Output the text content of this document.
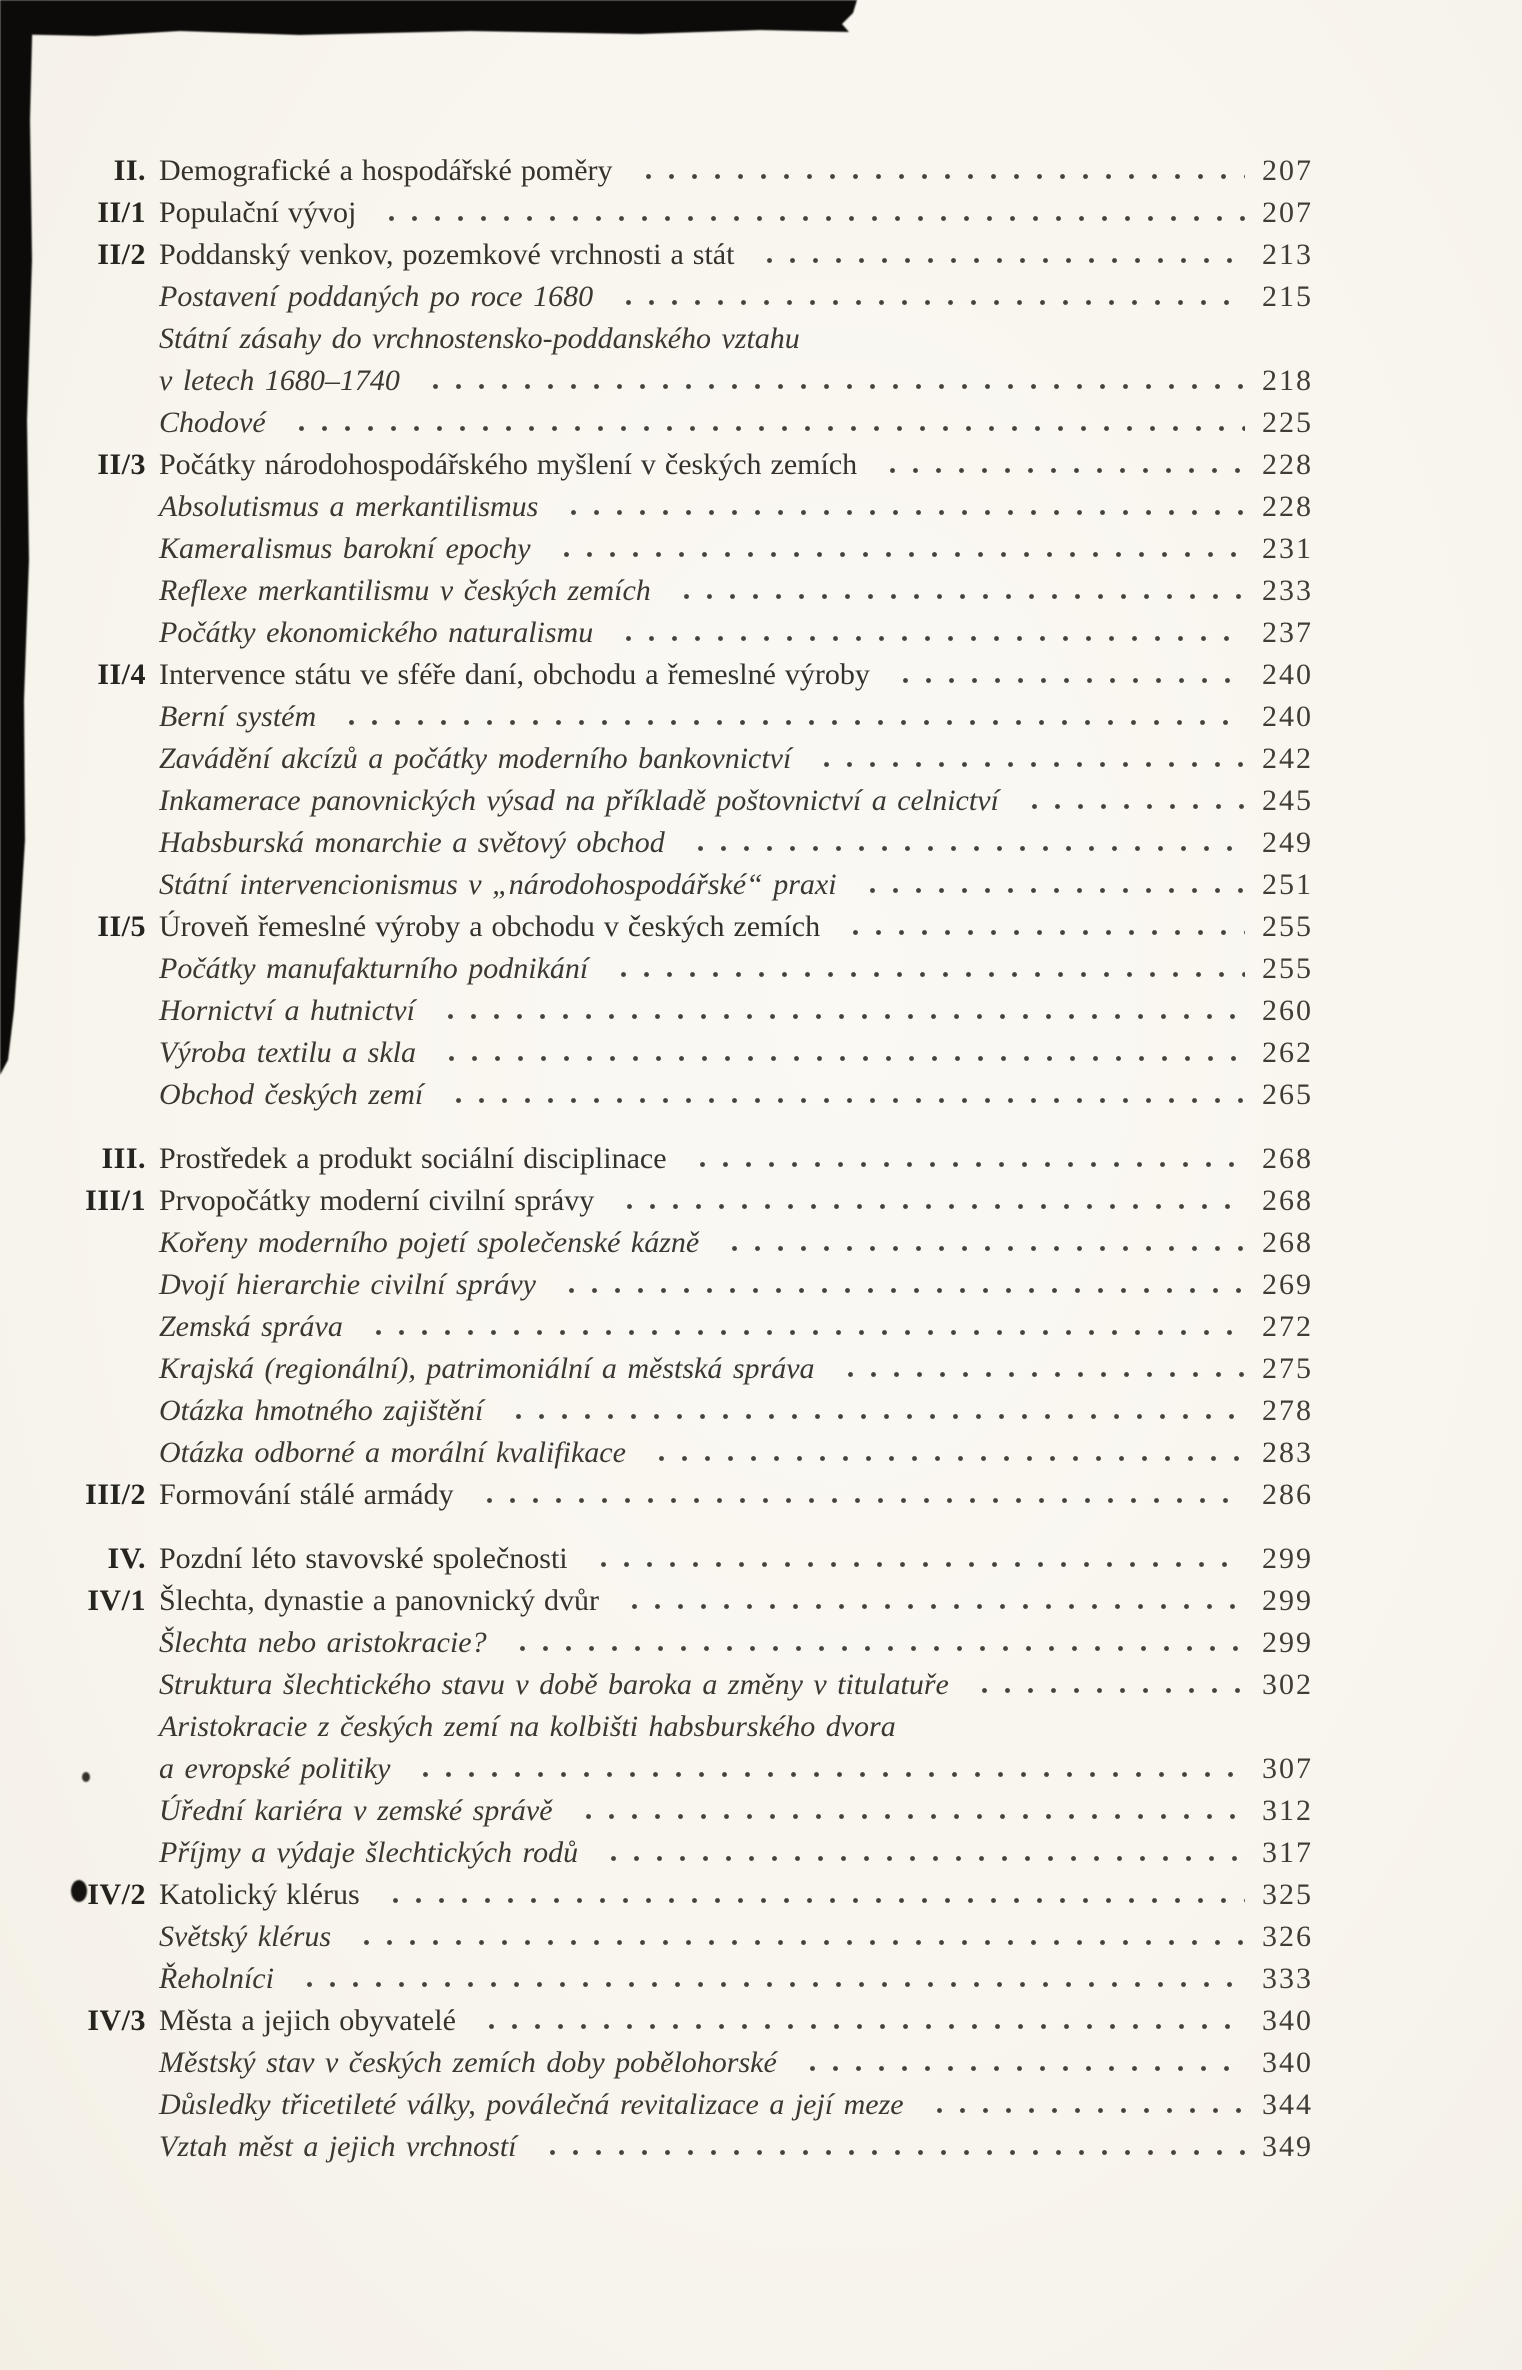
II. Demografické a hospodářské poměry	207
II/1 Populační vývoj	207
II/2 Poddanský venkov, pozemkové vrchnosti a stát	213
Postavení poddaných po roce 1680	215
Státní zásahy do vrchnostensko-poddanského vztahu
v letech 1680–1740	218
Chodové	225
II/3 Počátky národohospodářského myšlení v českých zemích	228
Absolutismus a merkantilismus	228
Kameralismus barokní epochy	231
Reflexe merkantilismu v českých zemích	233
Počátky ekonomického naturalismu	237
II/4 Intervence státu ve sféře daní, obchodu a řemeslné výroby	240
Berní systém	240
Zavádění akcízů a počátky moderního bankovnictví	242
Inkamerace panovnických výsad na příkladě poštovnictví a celnictví	245
Habsburská monarchie a světový obchod	249
Státní intervencionismus v „národohospodářské“ praxi	251
II/5 Úroveň řemeslné výroby a obchodu v českých zemích	255
Počátky manufakturního podnikání	255
Hornictví a hutnictví	260
Výroba textilu a skla	262
Obchod českých zemí	265
III. Prostředek a produkt sociální disciplinace	268
III/1 Prvopočátky moderní civilní správy	268
Kořeny moderního pojetí společenské kázně	268
Dvojí hierarchie civilní správy	269
Zemská správa	272
Krajská (regionální), patrimoniální a městská správa	275
Otázka hmotného zajištění	278
Otázka odborné a morální kvalifikace	283
III/2 Formování stálé armády	286
IV. Pozdní léto stavovské společnosti	299
IV/1 Šlechta, dynastie a panovnický dvůr	299
Šlechta nebo aristokracie?	299
Struktura šlechtického stavu v době baroka a změny v titulatuře	302
Aristokracie z českých zemí na kolbišti habsburského dvora
a evropské politiky	307
Úřední kariéra v zemské správě	312
Příjmy a výdaje šlechtických rodů	317
IV/2 Katolický klérus	325
Světský klérus	326
Řeholníci	333
IV/3 Města a jejich obyvatelé	340
Městský stav v českých zemích doby pobělohorské	340
Důsledky třicetileté války, poválečná revitalizace a její meze	344
Vztah měst a jejich vrchností	349
